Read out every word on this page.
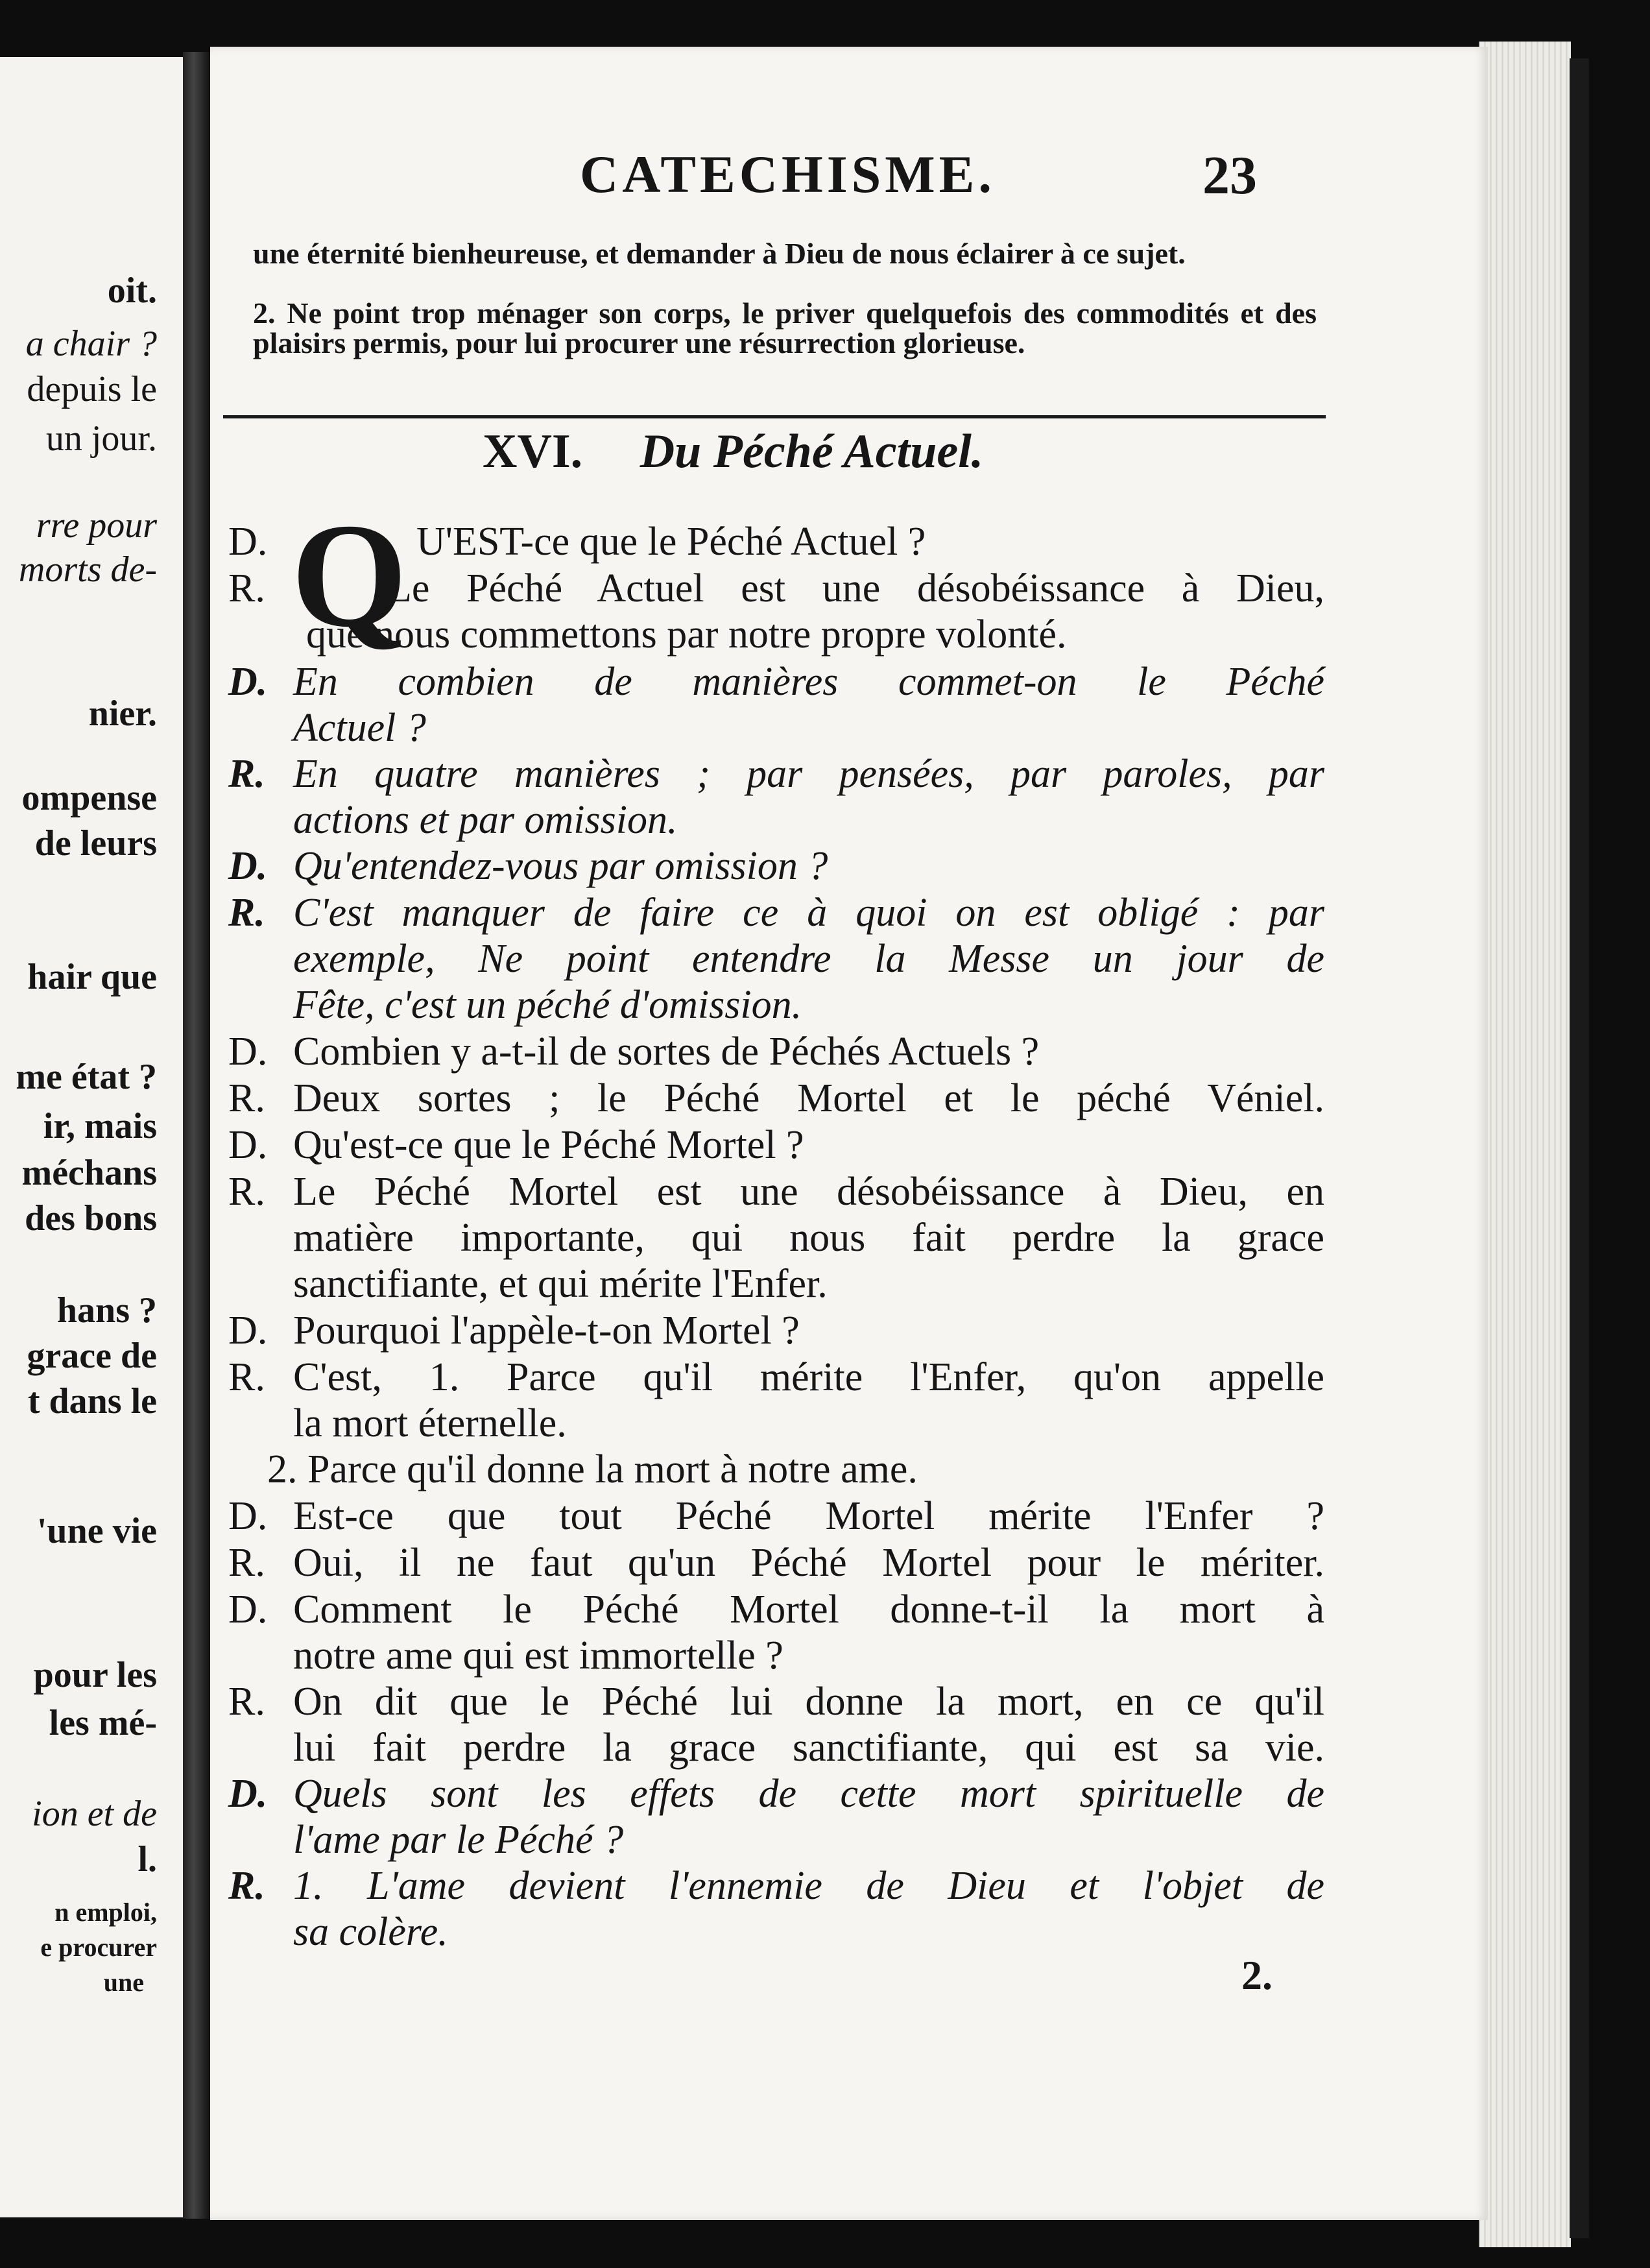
oit.
a chair ?
depuis le
un jour.
rre pour
morts de-
nier.
ompense
de leurs
hair que
me état ?
ir, mais
méchans
des bons
hans ?
grace de
t dans le
'une vie
pour les
les mé-
ion et de
l.
n emploi,
e procurer
une
CATECHISME.	23
une éternité bienheureuse, et demander à Dieu de nous éclairer à ce sujet.
2. Ne point trop ménager son corps, le priver quelquefois des commodités et des plaisirs permis, pour lui procurer une résurrection glorieuse.
XVI. Du Péché Actuel.
Q
D.	U'EST-ce que le Péché Actuel ?
R.	Le Péché Actuel est une désobéissance à Dieu,
que nous commettons par notre propre volonté.
D. En combien de manières commet-on le Péché
Actuel ?
R. En quatre manières ; par pensées, par paroles, par
actions et par omission.
D. Qu'entendez-vous par omission ?
R. C'est manquer de faire ce à quoi on est obligé : par
exemple, Ne point entendre la Messe un jour de
Fête, c'est un péché d'omission.
D. Combien y a-t-il de sortes de Péchés Actuels ?
R. Deux sortes ; le Péché Mortel et le péché Véniel.
D. Qu'est-ce que le Péché Mortel ?
R. Le Péché Mortel est une désobéissance à Dieu, en
matière importante, qui nous fait perdre la grace
sanctifiante, et qui mérite l'Enfer.
D. Pourquoi l'appèle-t-on Mortel ?
R. C'est, 1. Parce qu'il mérite l'Enfer, qu'on appelle
la mort éternelle.
2. Parce qu'il donne la mort à notre ame.
D. Est-ce que tout Péché Mortel mérite l'Enfer ?
R. Oui, il ne faut qu'un Péché Mortel pour le mériter.
D. Comment le Péché Mortel donne-t-il la mort à
notre ame qui est immortelle ?
R. On dit que le Péché lui donne la mort, en ce qu'il
lui fait perdre la grace sanctifiante, qui est sa vie.
D. Quels sont les effets de cette mort spirituelle de
l'ame par le Péché ?
R. 1. L'ame devient l'ennemie de Dieu et l'objet de
sa colère.
2.
